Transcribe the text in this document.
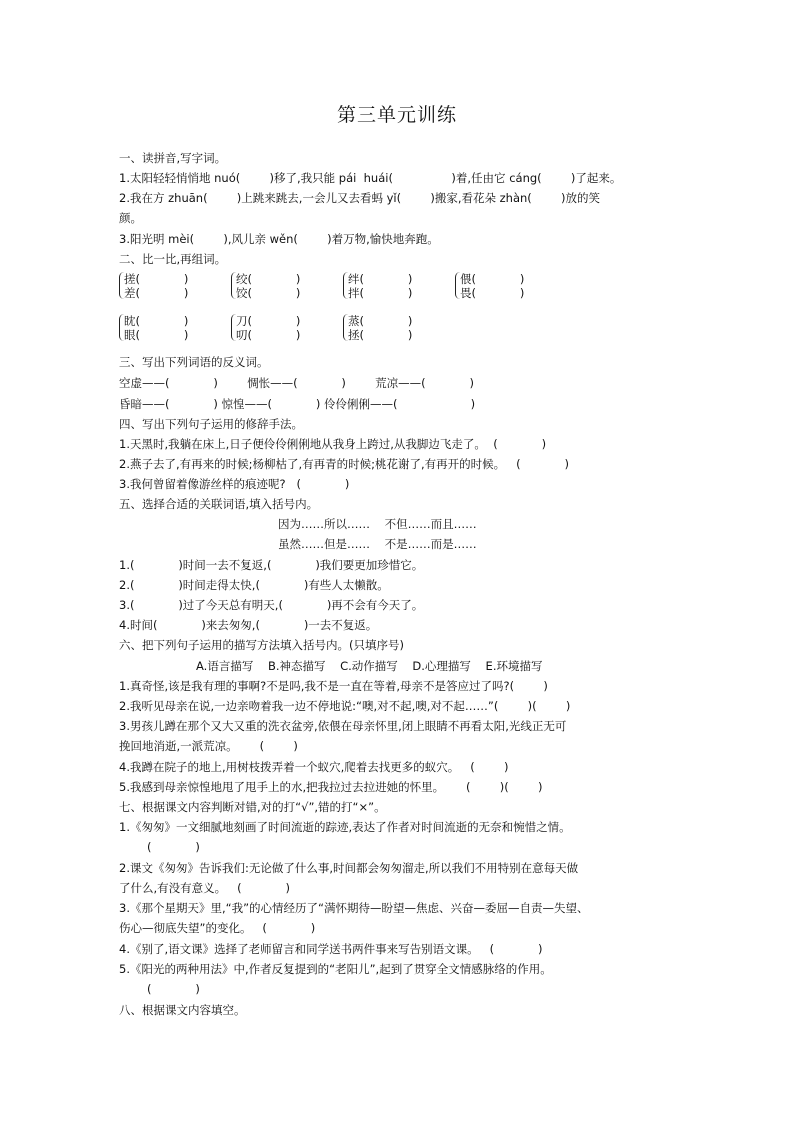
第三单元训练
一、读拼音,写字词。
1.太阳轻轻悄悄地 nuó(        )移了,我只能 pái  huái(                )着,任由它 cáng(        )了起来。
2.我在方 zhuān(        )上跳来跳去,一会儿又去看蚂 yǐ(        )搬家,看花朵 zhàn(        )放的笑
颜。
3.阳光明 mèi(        ),风儿亲 wěn(        )着万物,愉快地奔跑。
二、比一比,再组词。
搓(            )
差(            )
绞(            )
饺(            )
绊(            )
拌(            )
偎(            )
畏(            )
眈(            )
眼(            )
刀(            )
叨(            )
蒸(            )
拯(            )
三、写出下列词语的反义词。
空虚——(            )        惆怅——(            )        荒凉——(            )
昏暗——(            ) 惊惶——(            ) 伶伶俐俐——(                    )
四、写出下列句子运用的修辞手法。
1.天黑时,我躺在床上,日子便伶伶俐俐地从我身上跨过,从我脚边飞走了。  (            )
2.燕子去了,有再来的时候;杨柳枯了,有再青的时候;桃花谢了,有再开的时候。   (            )
3.我何曾留着像游丝样的痕迹呢?   (            )
五、选择合适的关联词语,填入括号内。
因为……所以……    不但……而且……
虽然……但是……    不是……而是……
1.(            )时间一去不复返,(            )我们要更加珍惜它。
2.(            )时间走得太快,(            )有些人太懒散。
3.(            )过了今天总有明天,(            )再不会有今天了。
4.时间(            )来去匆匆,(            )一去不复返。
六、把下列句子运用的描写方法填入括号内。(只填序号)
A.语言描写    B.神态描写    C.动作描写    D.心理描写    E.环境描写
1.真奇怪,该是我有理的事啊?不是吗,我不是一直在等着,母亲不是答应过了吗?(        )
2.我听见母亲在说,一边亲吻着我一边不停地说:“噢,对不起,噢,对不起……”(        )(        )
3.男孩儿蹲在那个又大又重的洗衣盆旁,依偎在母亲怀里,闭上眼睛不再看太阳,光线正无可
挽回地消逝,一派荒凉。      (        )
4.我蹲在院子的地上,用树枝拨弄着一个蚁穴,爬着去找更多的蚁穴。   (        )
5.我感到母亲惊惶地甩了甩手上的水,把我拉过去拉进她的怀里。      (        )(        )
七、根据课文内容判断对错,对的打“√”,错的打“×”。
1.《匆匆》一文细腻地刻画了时间流逝的踪迹,表达了作者对时间流逝的无奈和惋惜之情。
(            )
2.课文《匆匆》告诉我们:无论做了什么事,时间都会匆匆溜走,所以我们不用特别在意每天做
了什么,有没有意义。   (            )
3.《那个星期天》里,“我”的心情经历了“满怀期待—盼望—焦虑、兴奋—委屈—自责—失望、
伤心—彻底失望”的变化。   (            )
4.《别了,语文课》选择了老师留言和同学送书两件事来写告别语文课。   (            )
5.《阳光的两种用法》中,作者反复提到的“老阳儿”,起到了贯穿全文情感脉络的作用。
(            )
八、根据课文内容填空。
